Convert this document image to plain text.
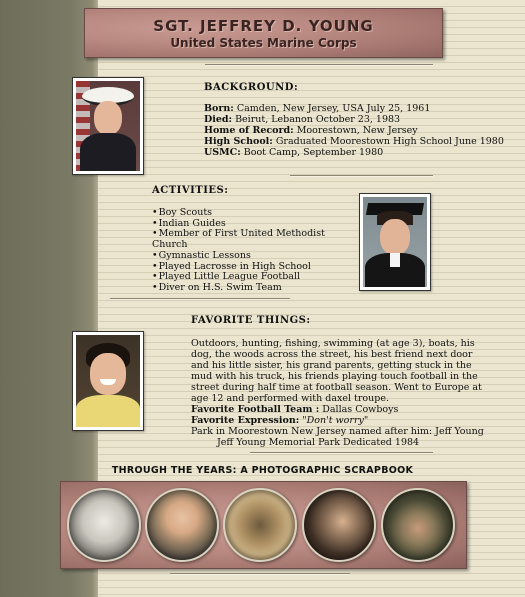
SGT. JEFFREY D. YOUNG
United States Marine Corps
BACKGROUND:
Born: Camden, New Jersey, USA July 25, 1961
Died: Beirut, Lebanon October 23, 1983
Home of Record: Moorestown, New Jersey
High School: Graduated Moorestown High School June 1980
USMC: Boot Camp, September 1980
ACTIVITIES:
• Boy Scouts
• Indian Guides
• Member of First United Methodist Church
• Gymnastic Lessons
• Played Lacrosse in High School
• Played Little League Football
• Diver on H.S. Swim Team
FAVORITE THINGS:
Outdoors, hunting, fishing, swimming (at age 3), boats, his dog, the woods across the street, his best friend next door and his little sister, his grand parents, getting stuck in the mud with his truck, his friends playing touch football in the street during half time at football season. Went to Europe at age 12 and performed with daxel troupe.
Favorite Football Team : Dallas Cowboys
Favorite Expression: "Don't worry"
Park in Moorestown New Jersey named after him: Jeff Young
Jeff Young Memorial Park Dedicated 1984
THROUGH THE YEARS: A PHOTOGRAPHIC SCRAPBOOK
